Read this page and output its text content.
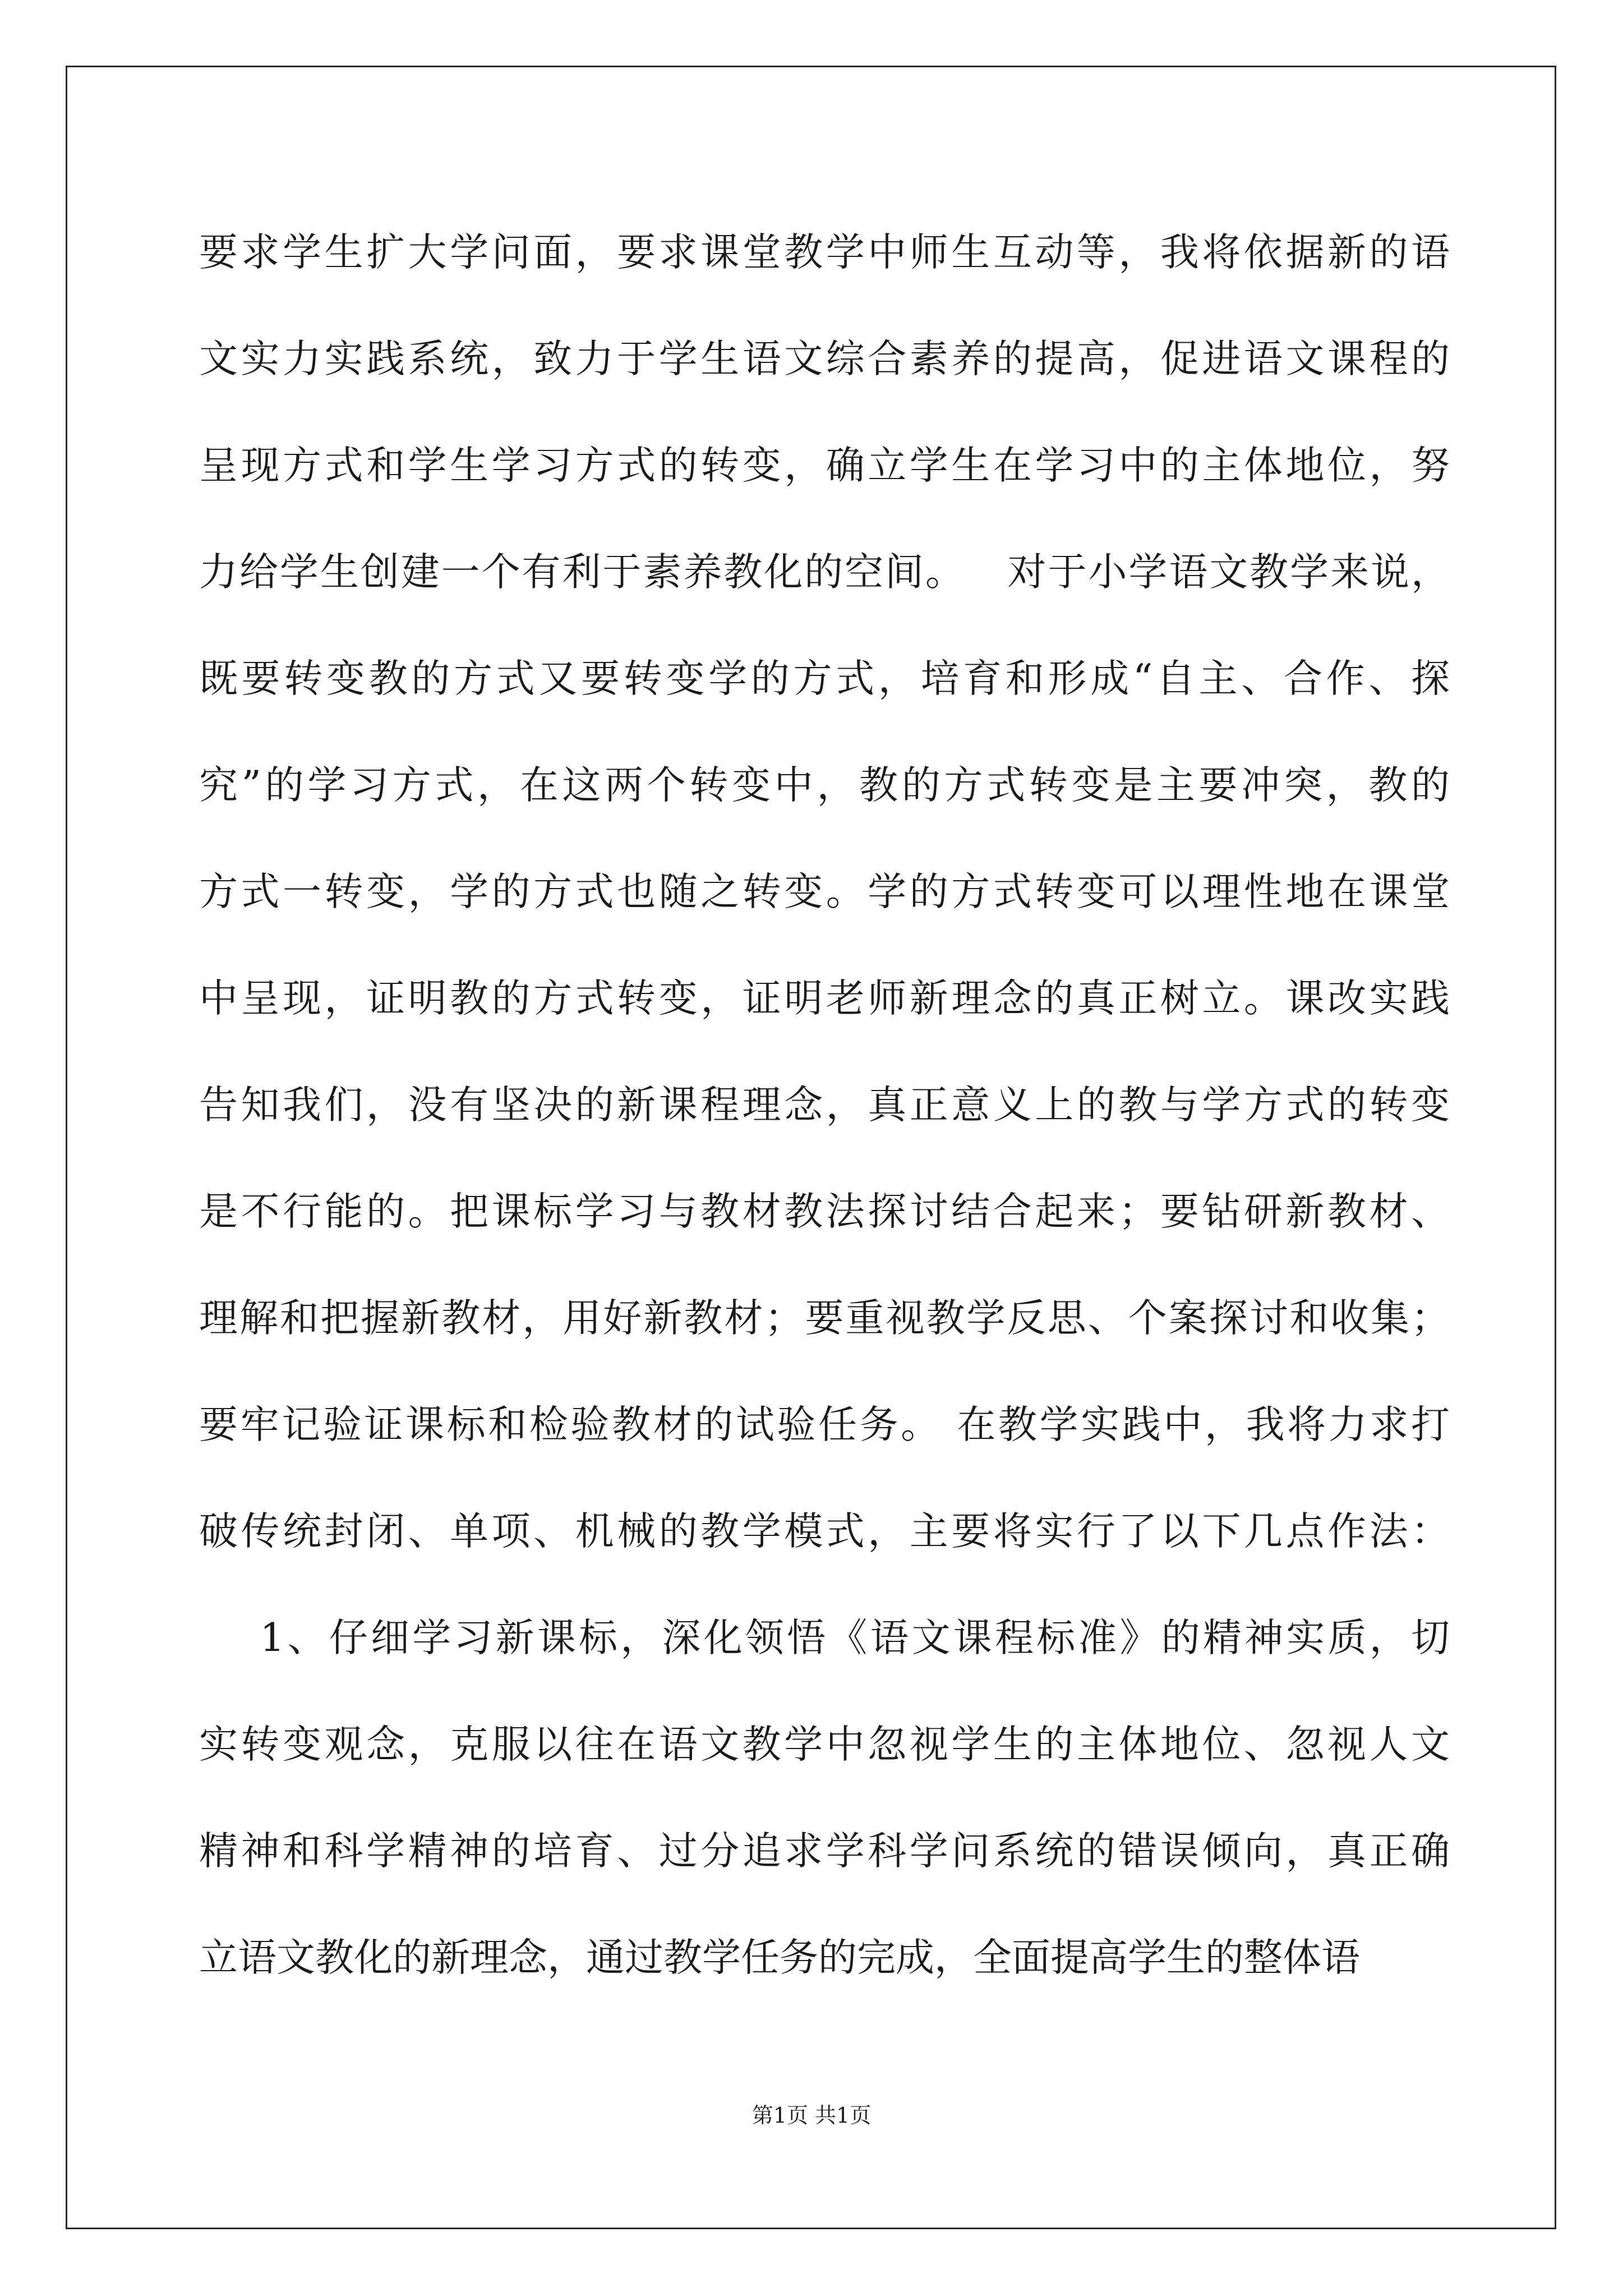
要求学生扩大学问面，要求课堂教学中师生互动等，我将依据新的语
文实力实践系统，致力于学生语文综合素养的提高，促进语文课程的
呈现方式和学生学习方式的转变，确立学生在学习中的主体地位，努
力给学生创建一个有利于素养教化的空间。   对于小学语文教学来说，
既要转变教的方式又要转变学的方式，培育和形成“自主、合作、探
究”的学习方式，在这两个转变中，教的方式转变是主要冲突，教的
方式一转变，学的方式也随之转变。学的方式转变可以理性地在课堂
中呈现，证明教的方式转变，证明老师新理念的真正树立。课改实践
告知我们，没有坚决的新课程理念，真正意义上的教与学方式的转变
是不行能的。把课标学习与教材教法探讨结合起来；要钻研新教材、
理解和把握新教材，用好新教材；要重视教学反思、个案探讨和收集；
要牢记验证课标和检验教材的试验任务。 在教学实践中，我将力求打
破传统封闭、单项、机械的教学模式，主要将实行了以下几点作法：
1、仔细学习新课标，深化领悟《语文课程标准》的精神实质，切
实转变观念，克服以往在语文教学中忽视学生的主体地位、忽视人文
精神和科学精神的培育、过分追求学科学问系统的错误倾向，真正确
立语文教化的新理念，通过教学任务的完成，全面提高学生的整体语
第1页 共1页
